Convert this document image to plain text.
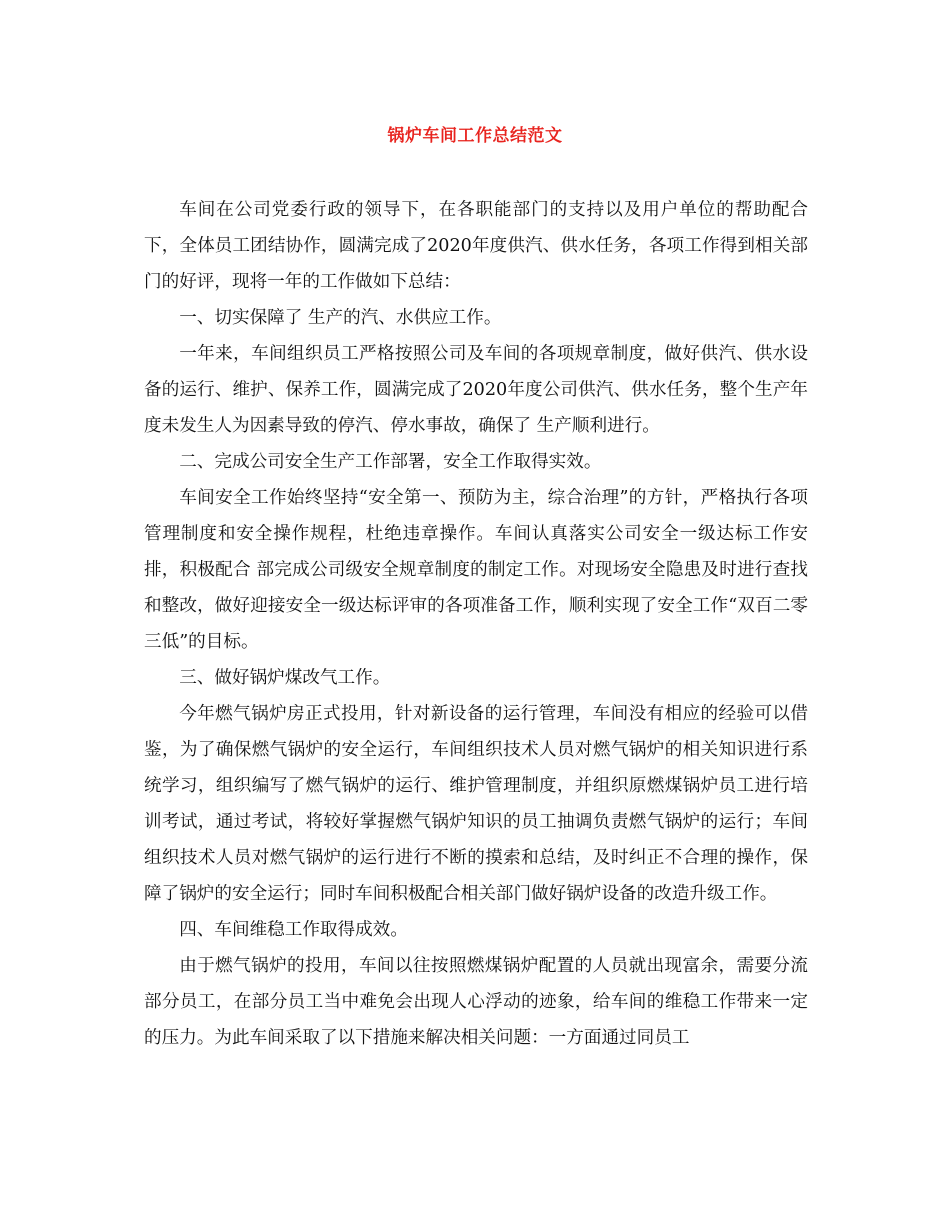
锅炉车间工作总结范文

车间在公司党委行政的领导下，在各职能部门的支持以及用户单位的帮助配合下，全体员工团结协作，圆满完成了2020年度供汽、供水任务，各项工作得到相关部门的好评，现将一年的工作做如下总结：

一、切实保障了 生产的汽、水供应工作。

一年来，车间组织员工严格按照公司及车间的各项规章制度，做好供汽、供水设备的运行、维护、保养工作，圆满完成了2020年度公司供汽、供水任务，整个生产年度未发生人为因素导致的停汽、停水事故，确保了 生产顺利进行。

二、完成公司安全生产工作部署，安全工作取得实效。

车间安全工作始终坚持“安全第一、预防为主，综合治理”的方针，严格执行各项管理制度和安全操作规程，杜绝违章操作。车间认真落实公司安全一级达标工作安排，积极配合 部完成公司级安全规章制度的制定工作。对现场安全隐患及时进行查找和整改，做好迎接安全一级达标评审的各项准备工作，顺利实现了安全工作“双百二零三低”的目标。

三、做好锅炉煤改气工作。

今年燃气锅炉房正式投用，针对新设备的运行管理，车间没有相应的经验可以借鉴，为了确保燃气锅炉的安全运行，车间组织技术人员对燃气锅炉的相关知识进行系统学习，组织编写了燃气锅炉的运行、维护管理制度，并组织原燃煤锅炉员工进行培训考试，通过考试，将较好掌握燃气锅炉知识的员工抽调负责燃气锅炉的运行；车间组织技术人员对燃气锅炉的运行进行不断的摸索和总结，及时纠正不合理的操作，保障了锅炉的安全运行；同时车间积极配合相关部门做好锅炉设备的改造升级工作。

四、车间维稳工作取得成效。

由于燃气锅炉的投用，车间以往按照燃煤锅炉配置的人员就出现富余，需要分流部分员工，在部分员工当中难免会出现人心浮动的迹象，给车间的维稳工作带来一定的压力。为此车间采取了以下措施来解决相关问题：一方面通过同员工
